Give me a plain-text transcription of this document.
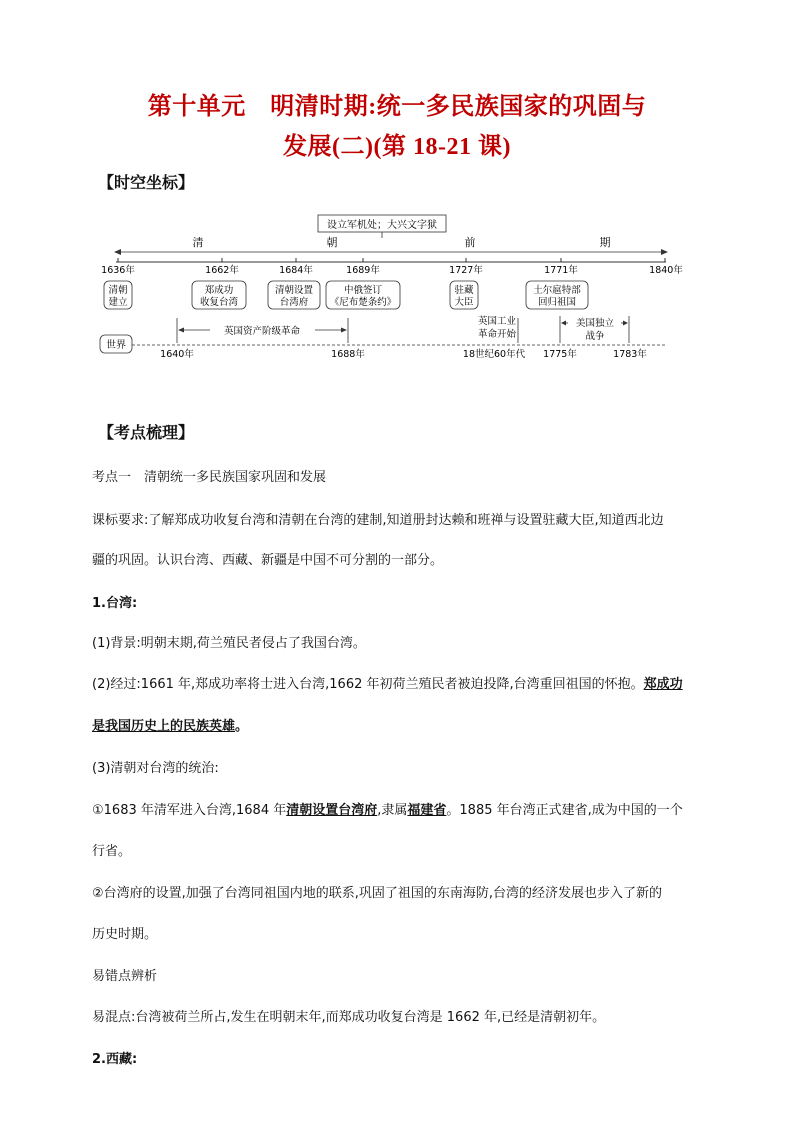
第十单元　明清时期:统一多民族国家的巩固与
发展(二)(第 18-21 课)
【时空坐标】
设立军机处；大兴文字狱
清	朝	前	期
1636年	1662年	1684年	1689年	1727年	1771年	1840年
清朝
建立
郑成功
收复台湾
清朝设置
台湾府
中俄签订
《尼布楚条约》
驻藏
大臣
土尔扈特部
回归祖国
世界
英国资产阶级革命
英国工业
革命开始
美国独立
战争
1640年	1688年	18世纪60年代 1775年	1783年
【考点梳理】
考点一　清朝统一多民族国家巩固和发展
课标要求:了解郑成功收复台湾和清朝在台湾的建制,知道册封达赖和班禅与设置驻藏大臣,知道西北边
疆的巩固。认识台湾、西藏、新疆是中国不可分割的一部分。
1.台湾:
(1)背景:明朝末期,荷兰殖民者侵占了我国台湾。
(2)经过:1661 年,郑成功率将士进入台湾,1662 年初荷兰殖民者被迫投降,台湾重回祖国的怀抱。郑成功
是我国历史上的民族英雄。
(3)清朝对台湾的统治:
①1683 年清军进入台湾,1684 年清朝设置台湾府,隶属福建省。1885 年台湾正式建省,成为中国的一个
行省。
②台湾府的设置,加强了台湾同祖国内地的联系,巩固了祖国的东南海防,台湾的经济发展也步入了新的
历史时期。
易错点辨析
易混点:台湾被荷兰所占,发生在明朝末年,而郑成功收复台湾是 1662 年,已经是清朝初年。
2.西藏:
